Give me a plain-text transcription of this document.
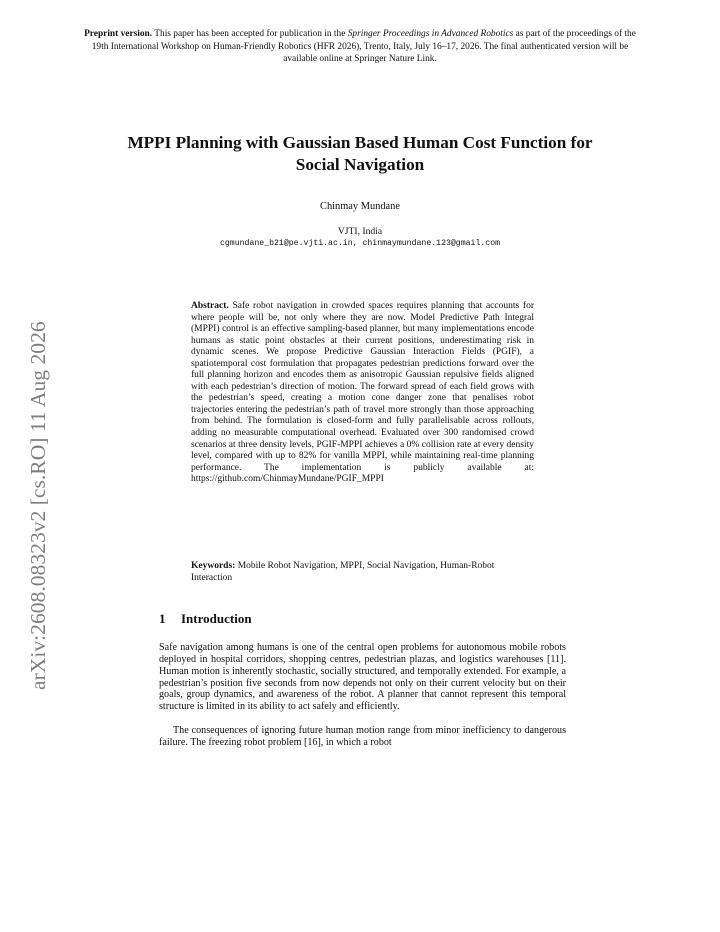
Preprint version. This paper has been accepted for publication in the Springer Proceedings in Advanced Robotics as part of the proceedings of the 19th International Workshop on Human-Friendly Robotics (HFR 2026), Trento, Italy, July 16–17, 2026. The final authenticated version will be available online at Springer Nature Link.
arXiv:2608.08323v2 [cs.RO] 11 Aug 2026
MPPI Planning with Gaussian Based Human Cost Function for Social Navigation
Chinmay Mundane
VJTI, India
cgmundane_b21@pe.vjti.ac.in, chinmaymundane.123@gmail.com
Abstract. Safe robot navigation in crowded spaces requires planning that accounts for where people will be, not only where they are now. Model Predictive Path Integral (MPPI) control is an effective sampling-based planner, but many implementations encode humans as static point obstacles at their current positions, underestimating risk in dynamic scenes. We propose Predictive Gaussian Interaction Fields (PGIF), a spatiotemporal cost formulation that propagates pedestrian predictions forward over the full planning horizon and encodes them as anisotropic Gaussian repulsive fields aligned with each pedestrian’s direction of motion. The forward spread of each field grows with the pedestrian’s speed, creating a motion cone danger zone that penalises robot trajectories entering the pedestrian’s path of travel more strongly than those approaching from behind. The formulation is closed-form and fully parallelisable across rollouts, adding no measurable computational overhead. Evaluated over 300 randomised crowd scenarios at three density levels, PGIF-MPPI achieves a 0% collision rate at every density level, compared with up to 82% for vanilla MPPI, while maintaining real-time planning performance. The implementation is publicly available at: https://github.com/ChinmayMundane/PGIF_MPPI
Keywords: Mobile Robot Navigation, MPPI, Social Navigation, Human-Robot Interaction
1 Introduction
Safe navigation among humans is one of the central open problems for autonomous mobile robots deployed in hospital corridors, shopping centres, pedestrian plazas, and logistics warehouses [11]. Human motion is inherently stochastic, socially structured, and temporally extended. For example, a pedestrian’s position five seconds from now depends not only on their current velocity but on their goals, group dynamics, and awareness of the robot. A planner that cannot represent this temporal structure is limited in its ability to act safely and efficiently.
The consequences of ignoring future human motion range from minor inefficiency to dangerous failure. The freezing robot problem [16], in which a robot
